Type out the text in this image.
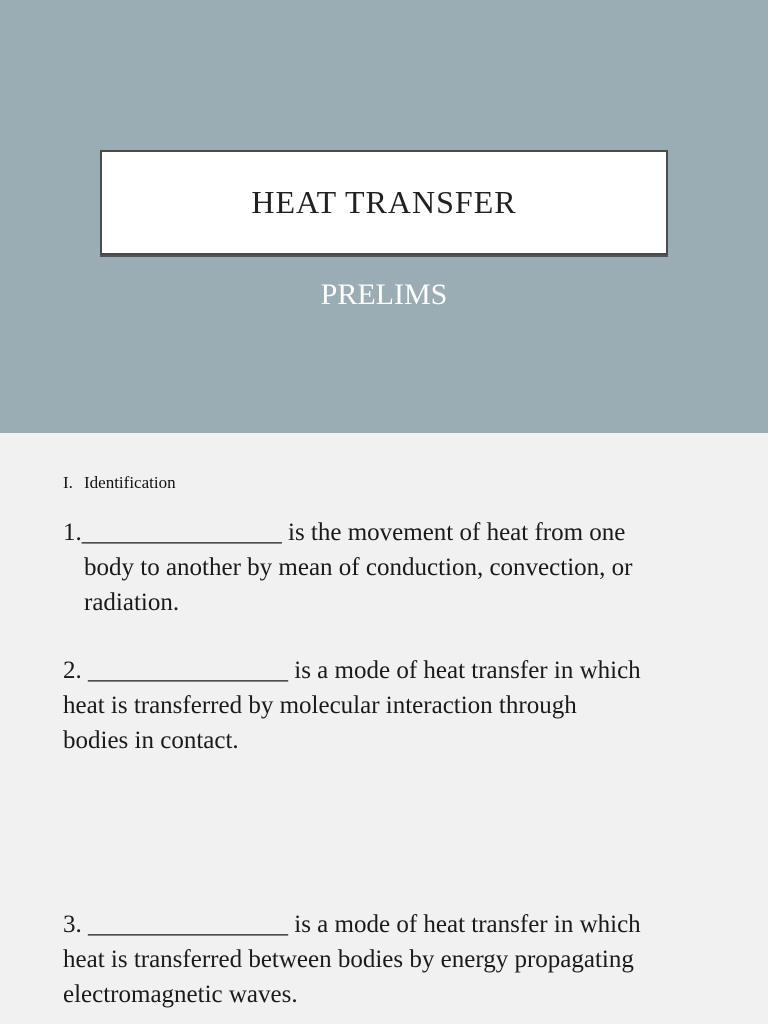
HEAT TRANSFER
PRELIMS
I. Identification
1.________________ is the movement of heat from one
body to another by mean of conduction, convection, or
radiation.
2. ________________ is a mode of heat transfer in which
heat is transferred by molecular interaction through
bodies in contact.
3. ________________ is a mode of heat transfer in which
heat is transferred between bodies by energy propagating
electromagnetic waves.
